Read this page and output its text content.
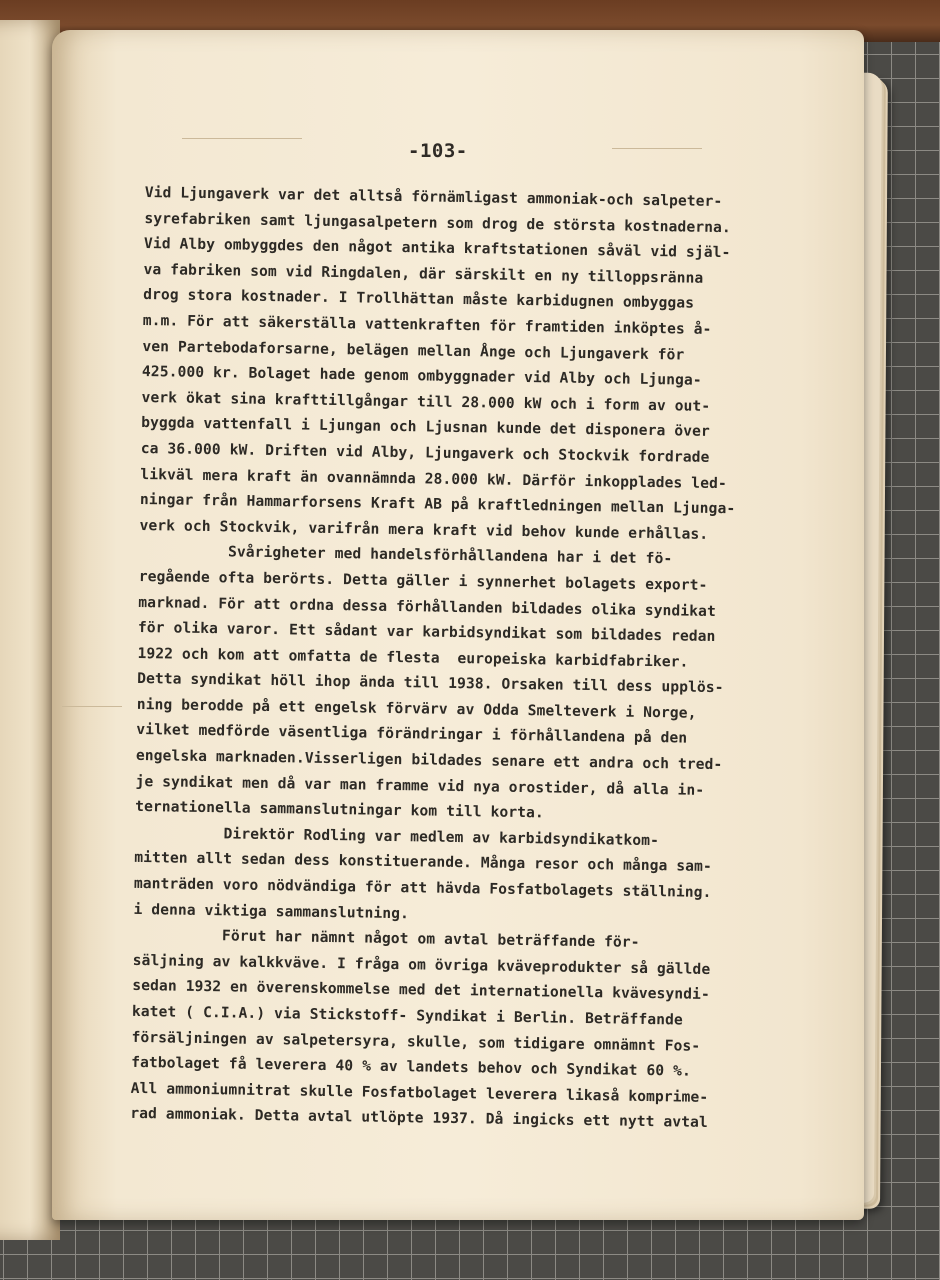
-103-
Vid Ljungaverk var det alltså förnämligast ammoniak-och salpeter-
syrefabriken samt ljungasalpetern som drog de största kostnaderna.
Vid Alby ombyggdes den något antika kraftstationen såväl vid själ-
va fabriken som vid Ringdalen, där särskilt en ny tilloppsränna
drog stora kostnader. I Trollhättan måste karbidugnen ombyggas
m.m. För att säkerställa vattenkraften för framtiden inköptes å-
ven Partebodaforsarne, belägen mellan Ånge och Ljungaverk för
425.000 kr. Bolaget hade genom ombyggnader vid Alby och Ljunga-
verk ökat sina krafttillgångar till 28.000 kW och i form av out-
byggda vattenfall i Ljungan och Ljusnan kunde det disponera över
ca 36.000 kW. Driften vid Alby, Ljungaverk och Stockvik fordrade
likväl mera kraft än ovannämnda 28.000 kW. Därför inkopplades led-
ningar från Hammarforsens Kraft AB på kraftledningen mellan Ljunga-
verk och Stockvik, varifrån mera kraft vid behov kunde erhållas.
Svårigheter med handelsförhållandena har i det fö-
regående ofta berörts. Detta gäller i synnerhet bolagets export-
marknad. För att ordna dessa förhållanden bildades olika syndikat
för olika varor. Ett sådant var karbidsyndikat som bildades redan
1922 och kom att omfatta de flesta  europeiska karbidfabriker.
Detta syndikat höll ihop ända till 1938. Orsaken till dess upplös-
ning berodde på ett engelsk förvärv av Odda Smelteverk i Norge,
vilket medförde väsentliga förändringar i förhållandena på den
engelska marknaden.Visserligen bildades senare ett andra och tred-
je syndikat men då var man framme vid nya orostider, då alla in-
ternationella sammanslutningar kom till korta.
Direktör Rodling var medlem av karbidsyndikatkom-
mitten allt sedan dess konstituerande. Många resor och många sam-
manträden voro nödvändiga för att hävda Fosfatbolagets ställning.
i denna viktiga sammanslutning.
Förut har nämnt något om avtal beträffande för-
säljning av kalkkväve. I fråga om övriga kväveprodukter så gällde
sedan 1932 en överenskommelse med det internationella kvävesyndi-
katet ( C.I.A.) via Stickstoff- Syndikat i Berlin. Beträffande
försäljningen av salpetersyra, skulle, som tidigare omnämnt Fos-
fatbolaget få leverera 40 % av landets behov och Syndikat 60 %.
All ammoniumnitrat skulle Fosfatbolaget leverera likaså komprime-
rad ammoniak. Detta avtal utlöpte 1937. Då ingicks ett nytt avtal
